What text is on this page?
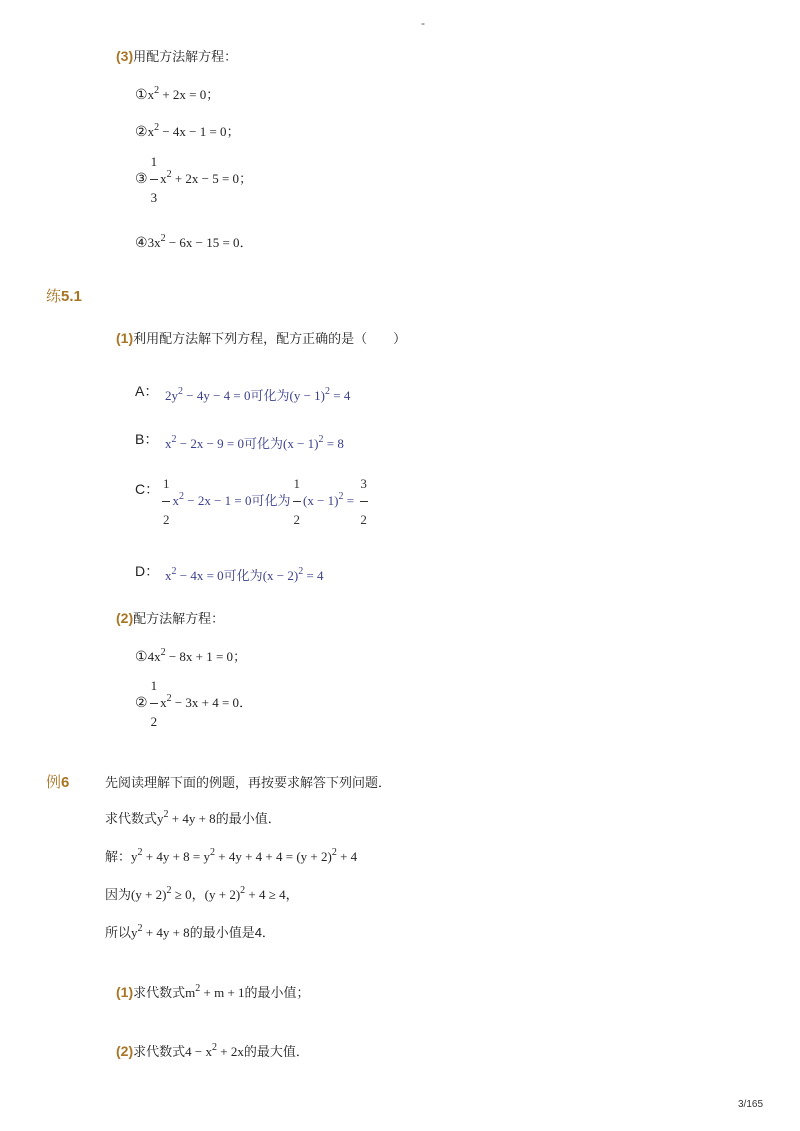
-
(3)用配方法解方程：
$①x^2 + 2x = 0$；
$②x^2 - 4x - 1 = 0$；
③ $\frac{1}{3} x^2 + 2x - 5 = 0$；
$④3x^2 - 6x - 15 = 0$．
练5.1
(1)利用配方法解下列方程，配方正确的是（　　）
A： $2y^2 - 4y - 4 = 0$可化为$(y - 1)^2 = 4$
B： $x^2 - 2x - 9 = 0$可化为$(x - 1)^2 = 8$
C： $\frac{1}{2} x^2 - 2x - 1 = 0$可化为 $\frac{1}{2} (x - 1)^2 = \frac{3}{2}$
D： $x^2 - 4x = 0$可化为$(x - 2)^2 = 4$
(2)配方法解方程：
$①4x^2 - 8x + 1 = 0$；
② $\frac{1}{2} x^2 - 3x + 4 = 0$．
例6	先阅读理解下面的例题，再按要求解答下列问题．
求代数式$y^2 + 4y + 8$的最小值．
解：$y^2 + 4y + 8 = y^2 + 4y + 4 + 4 = (y + 2)^2 + 4$
因为$(y + 2)^2 \ge 0$，$(y + 2)^2 + 4 \ge 4$，
所以$y^2 + 4y + 8$的最小值是4．
(1)求代数式$m^2 + m + 1$的最小值；
(2)求代数式$4 - x^2 + 2x$的最大值．
3/165
